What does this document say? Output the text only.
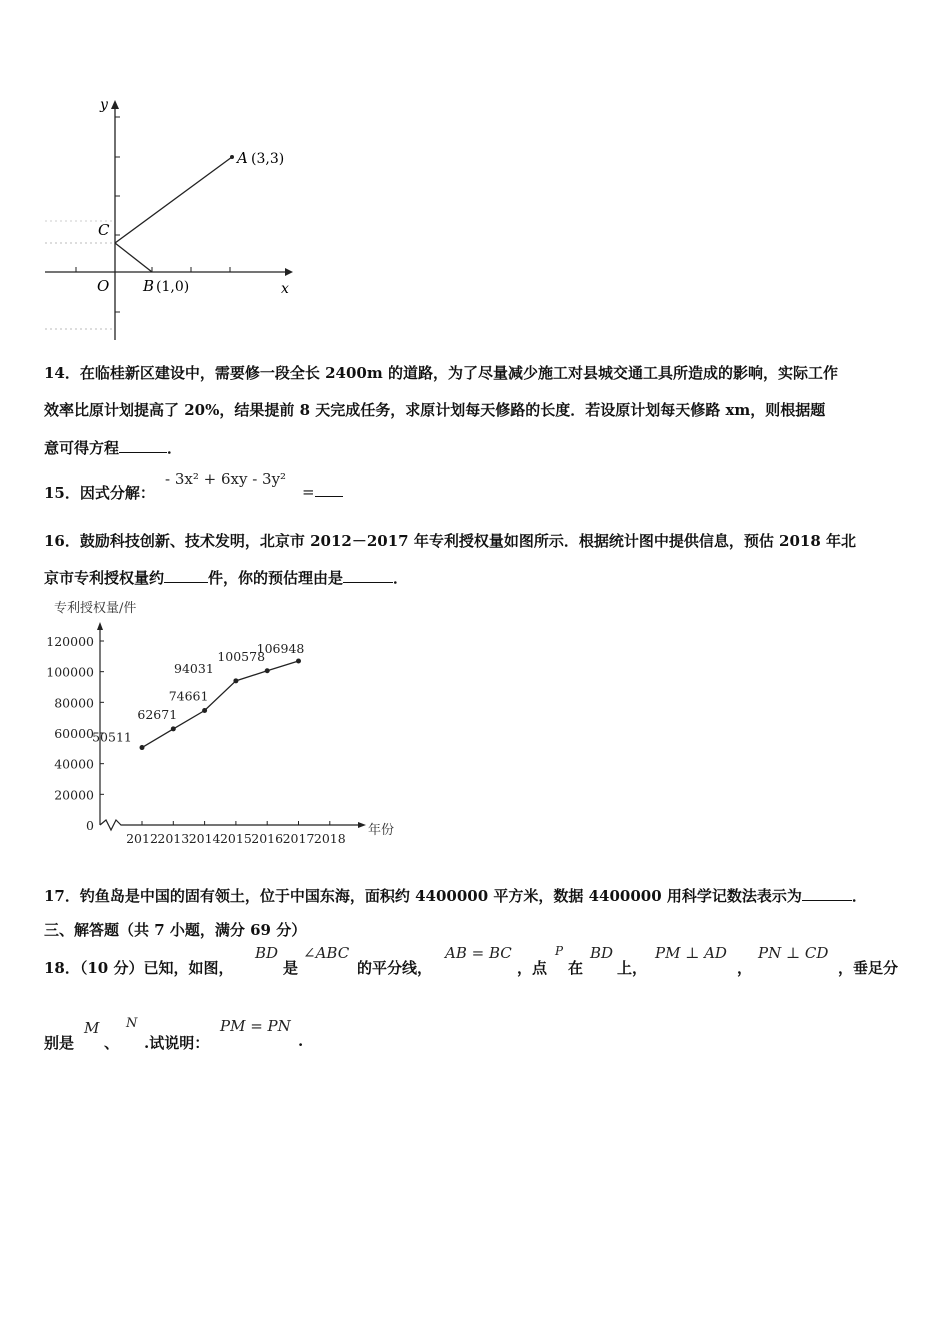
y
x
O
C
A (3,3)
B (1,0)
14．在临桂新区建设中，需要修一段全长 2400m 的道路，为了尽量减少施工对县城交通工具所造成的影响，实际工作
效率比原计划提高了 20%，结果提前 8 天完成任务，求原计划每天修路的长度．若设原计划每天修路 xm，则根据题
意可得方程	．
15．因式分解：
- 3x² + 6xy - 3y²
=
16．鼓励科技创新、技术发明，北京市 2012－2017 年专利授权量如图所示．根据统计图中提供信息，预估 2018 年北
京市专利授权量约	件，你的预估理由是	．
专利授权量/件
年份
0
20000
40000
60000
80000
100000
120000
2012 2013 2014 2015 2016 2017 2018
50511
62671
74661
94031
100578
106948
17．钓鱼岛是中国的固有领土，位于中国东海，面积约 4400000 平方米，数据 4400000 用科学记数法表示为	．
三、解答题（共 7 小题，满分 69 分）
18．（10 分）已知，如图，
BD
是
∠ABC
的平分线，
AB = BC
，点
P
在
BD
上，
PM ⊥ AD
，
PN ⊥ CD
，垂足分
别是
M
、
N
.试说明：
PM = PN
.
